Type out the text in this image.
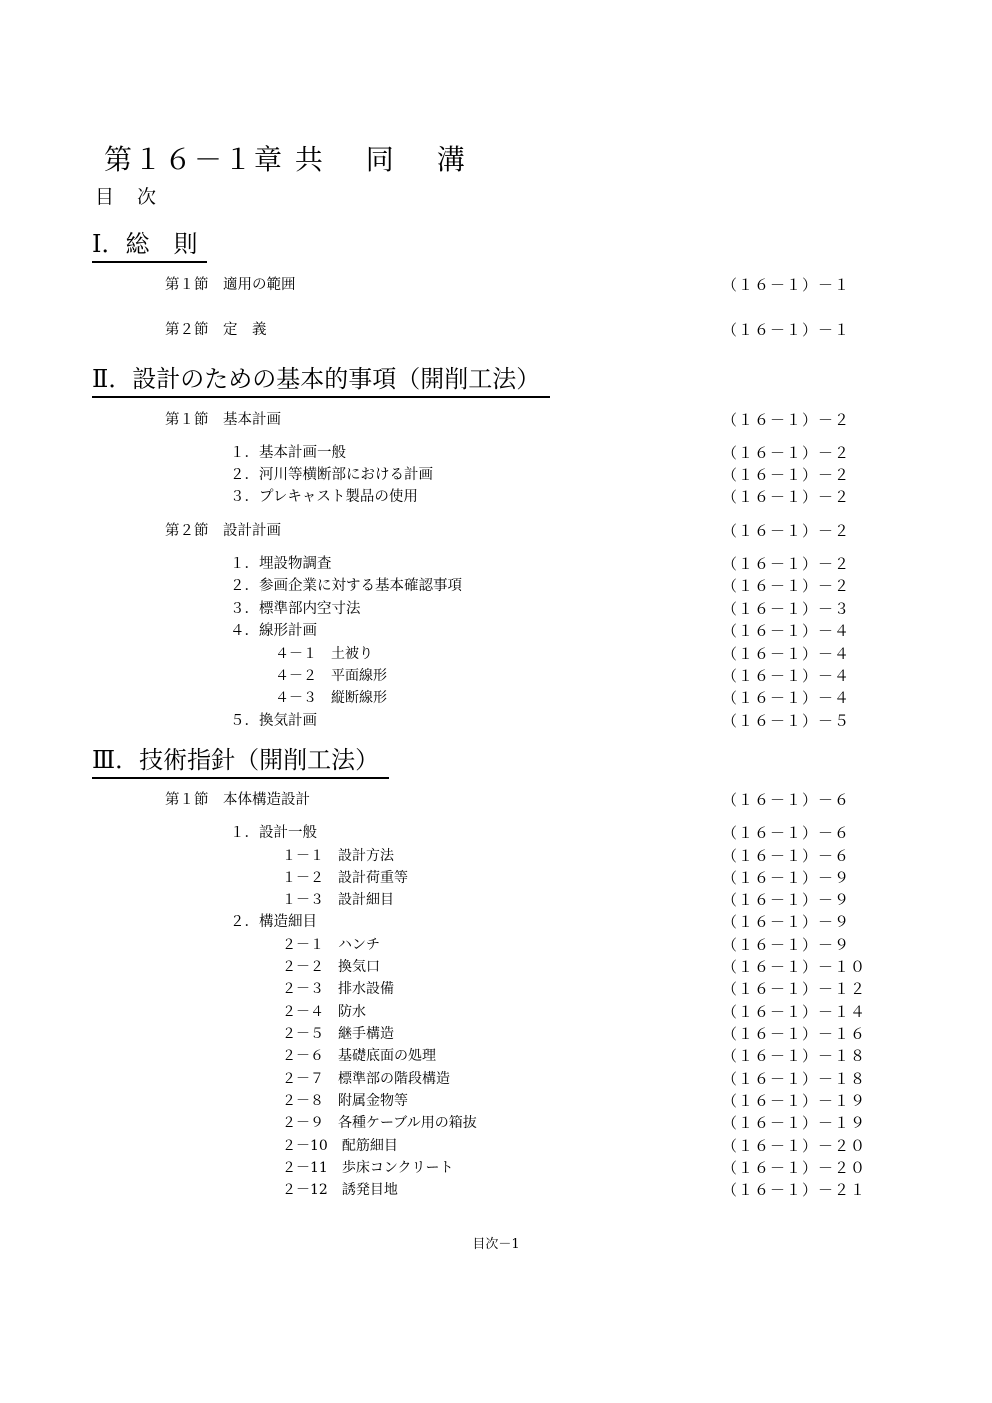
第１６－１章 共　 同　 溝
目　次
Ⅰ．総　則
第１節　適用の範囲	（１６－１）－１
第２節　定　義	（１６－１）－１
Ⅱ．設計のための基本的事項（開削工法）
第１節　基本計画	（１６－１）－２
１．基本計画一般	（１６－１）－２
２．河川等横断部における計画	（１６－１）－２
３．プレキャスト製品の使用	（１６－１）－２
第２節　設計計画	（１６－１）－２
１．埋設物調査	（１６－１）－２
２．参画企業に対する基本確認事項	（１６－１）－２
３．標準部内空寸法	（１６－１）－３
４．線形計画	（１６－１）－４
４－１　土被り	（１６－１）－４
４－２　平面線形	（１６－１）－４
４－３　縦断線形	（１６－１）－４
５．換気計画	（１６－１）－５
Ⅲ．技術指針（開削工法）
第１節　本体構造設計	（１６－１）－６
１．設計一般	（１６－１）－６
１－１　設計方法	（１６－１）－６
１－２　設計荷重等	（１６－１）－９
１－３　設計細目	（１６－１）－９
２．構造細目	（１６－１）－９
２－１　ハンチ	（１６－１）－９
２－２　換気口	（１６－１）－１０
２－３　排水設備	（１６－１）－１２
２－４　防水	（１６－１）－１４
２－５　継手構造	（１６－１）－１６
２－６　基礎底面の処理	（１６－１）－１８
２－７　標準部の階段構造	（１６－１）－１８
２－８　附属金物等	（１６－１）－１９
２－９　各種ケーブル用の箱抜	（１６－１）－１９
２－10　配筋細目	（１６－１）－２０
２－11　歩床コンクリート	（１６－１）－２０
２－12　誘発目地	（１６－１）－２１
目次－1
